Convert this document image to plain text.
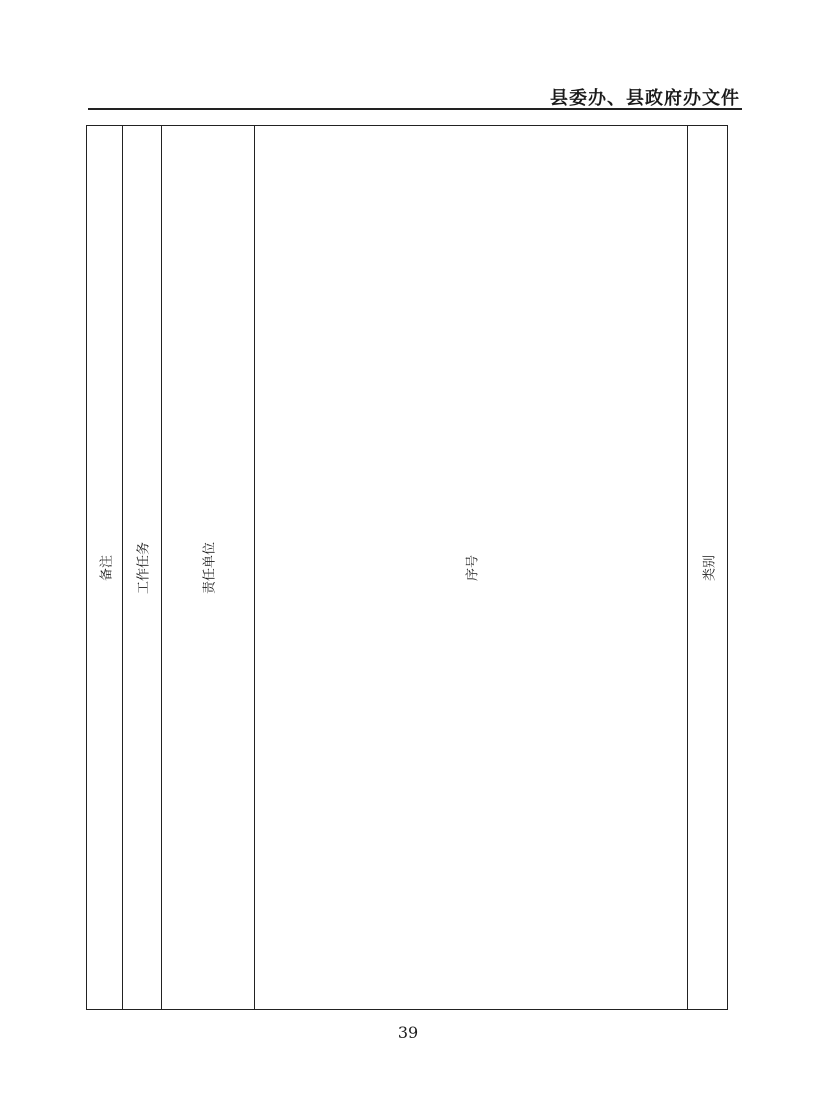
县委办、县政府办文件
备注	工作任务	责任单位	序号	类别
39
